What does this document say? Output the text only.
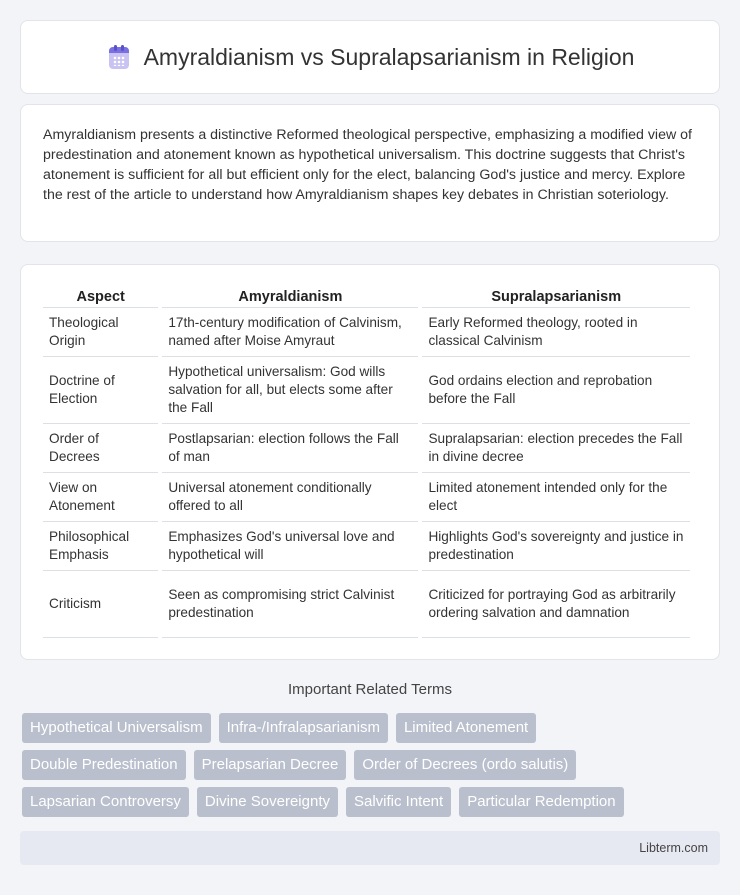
Amyraldianism vs Supralapsarianism in Religion

Amyraldianism presents a distinctive Reformed theological perspective, emphasizing a modified view of predestination and atonement known as hypothetical universalism. This doctrine suggests that Christ's atonement is sufficient for all but efficient only for the elect, balancing God's justice and mercy. Explore the rest of the article to understand how Amyraldianism shapes key debates in Christian soteriology.

Aspect	Amyraldianism	Supralapsarianism
Theological Origin	17th-century modification of Calvinism, named after Moise Amyraut	Early Reformed theology, rooted in classical Calvinism
Doctrine of Election	Hypothetical universalism: God wills salvation for all, but elects some after the Fall	God ordains election and reprobation before the Fall
Order of Decrees	Postlapsarian: election follows the Fall of man	Supralapsarian: election precedes the Fall in divine decree
View on Atonement	Universal atonement conditionally offered to all	Limited atonement intended only for the elect
Philosophical Emphasis	Emphasizes God's universal love and hypothetical will	Highlights God's sovereignty and justice in predestination
Criticism	Seen as compromising strict Calvinist predestination	Criticized for portraying God as arbitrarily ordering salvation and damnation
Important Related Terms
Hypothetical Universalism	Infra-/Infralapsarianism	Limited Atonement
Double Predestination	Prelapsarian Decree	Order of Decrees (ordo salutis)
Lapsarian Controversy	Divine Sovereignty	Salvific Intent	Particular Redemption
Libterm.com
